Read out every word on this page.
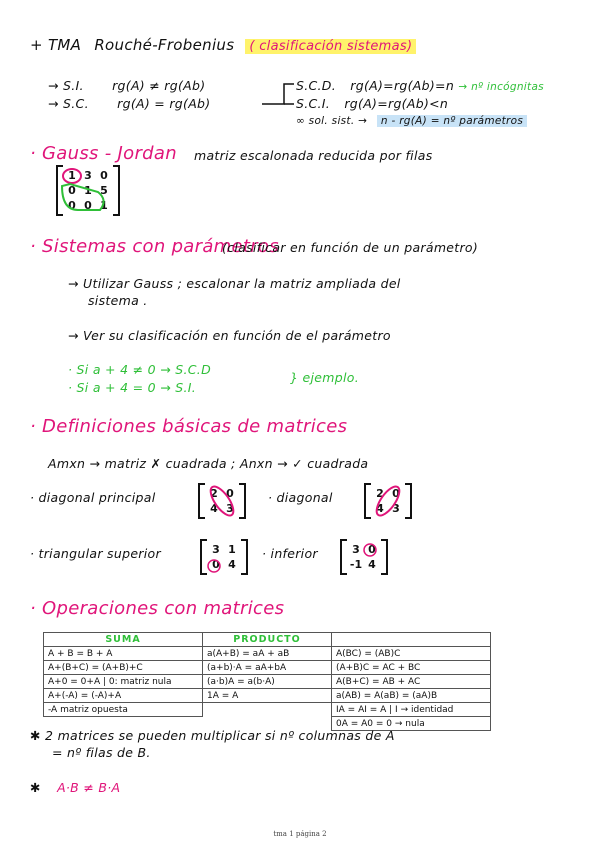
+ TMA Rouché-Frobenius ( clasificación sistemas)
→ S.I. rg(A) ≠ rg(Ab)
→ S.C. rg(A) = rg(Ab)
S.C.D. rg(A)=rg(Ab)=n → nº incógnitas
S.C.I. rg(A)=rg(Ab)<n
∞ sol. sist. → n - rg(A) = nº parámetros
· Gauss - Jordan matriz escalonada reducida por filas
1 3 0
0 1 5
0 0 1
· Sistemas con parámetros
(clasificar en función de un parámetro)
→ Utilizar Gauss ; escalonar la matriz ampliada del
sistema .
→ Ver su clasificación en función de el parámetro
· Si a + 4 ≠ 0 → S.C.D
· Si a + 4 = 0 → S.I.
} ejemplo.
· Definiciones básicas de matrices
Amxn → matriz ✗ cuadrada ; Anxn → ✓ cuadrada
· diagonal principal	2 0
4 3
· diagonal	2 0
4 3
· triangular superior	3 1
0 4
· inferior	3 0
-1 4
· Operaciones con matrices
SUMA	PRODUCTO	
A + B = B + A	a(A+B) = aA + aB	A(BC) = (AB)C
A+(B+C) = (A+B)+C	(a+b)·A = aA+bA	(A+B)C = AC + BC
A+0 = 0+A | 0: matriz nula	(a·b)A = a(b·A)	A(B+C) = AB + AC
A+(-A) = (-A)+A	1A = A	a(AB) = A(aB) = (aA)B
-A matriz opuesta		IA = AI = A | I → identidad
		0A = A0 = 0 → nula
✱ 2 matrices se pueden multiplicar si nº columnas de A
= nº filas de B.
✱ A·B ≠ B·A
tma 1 página 2
